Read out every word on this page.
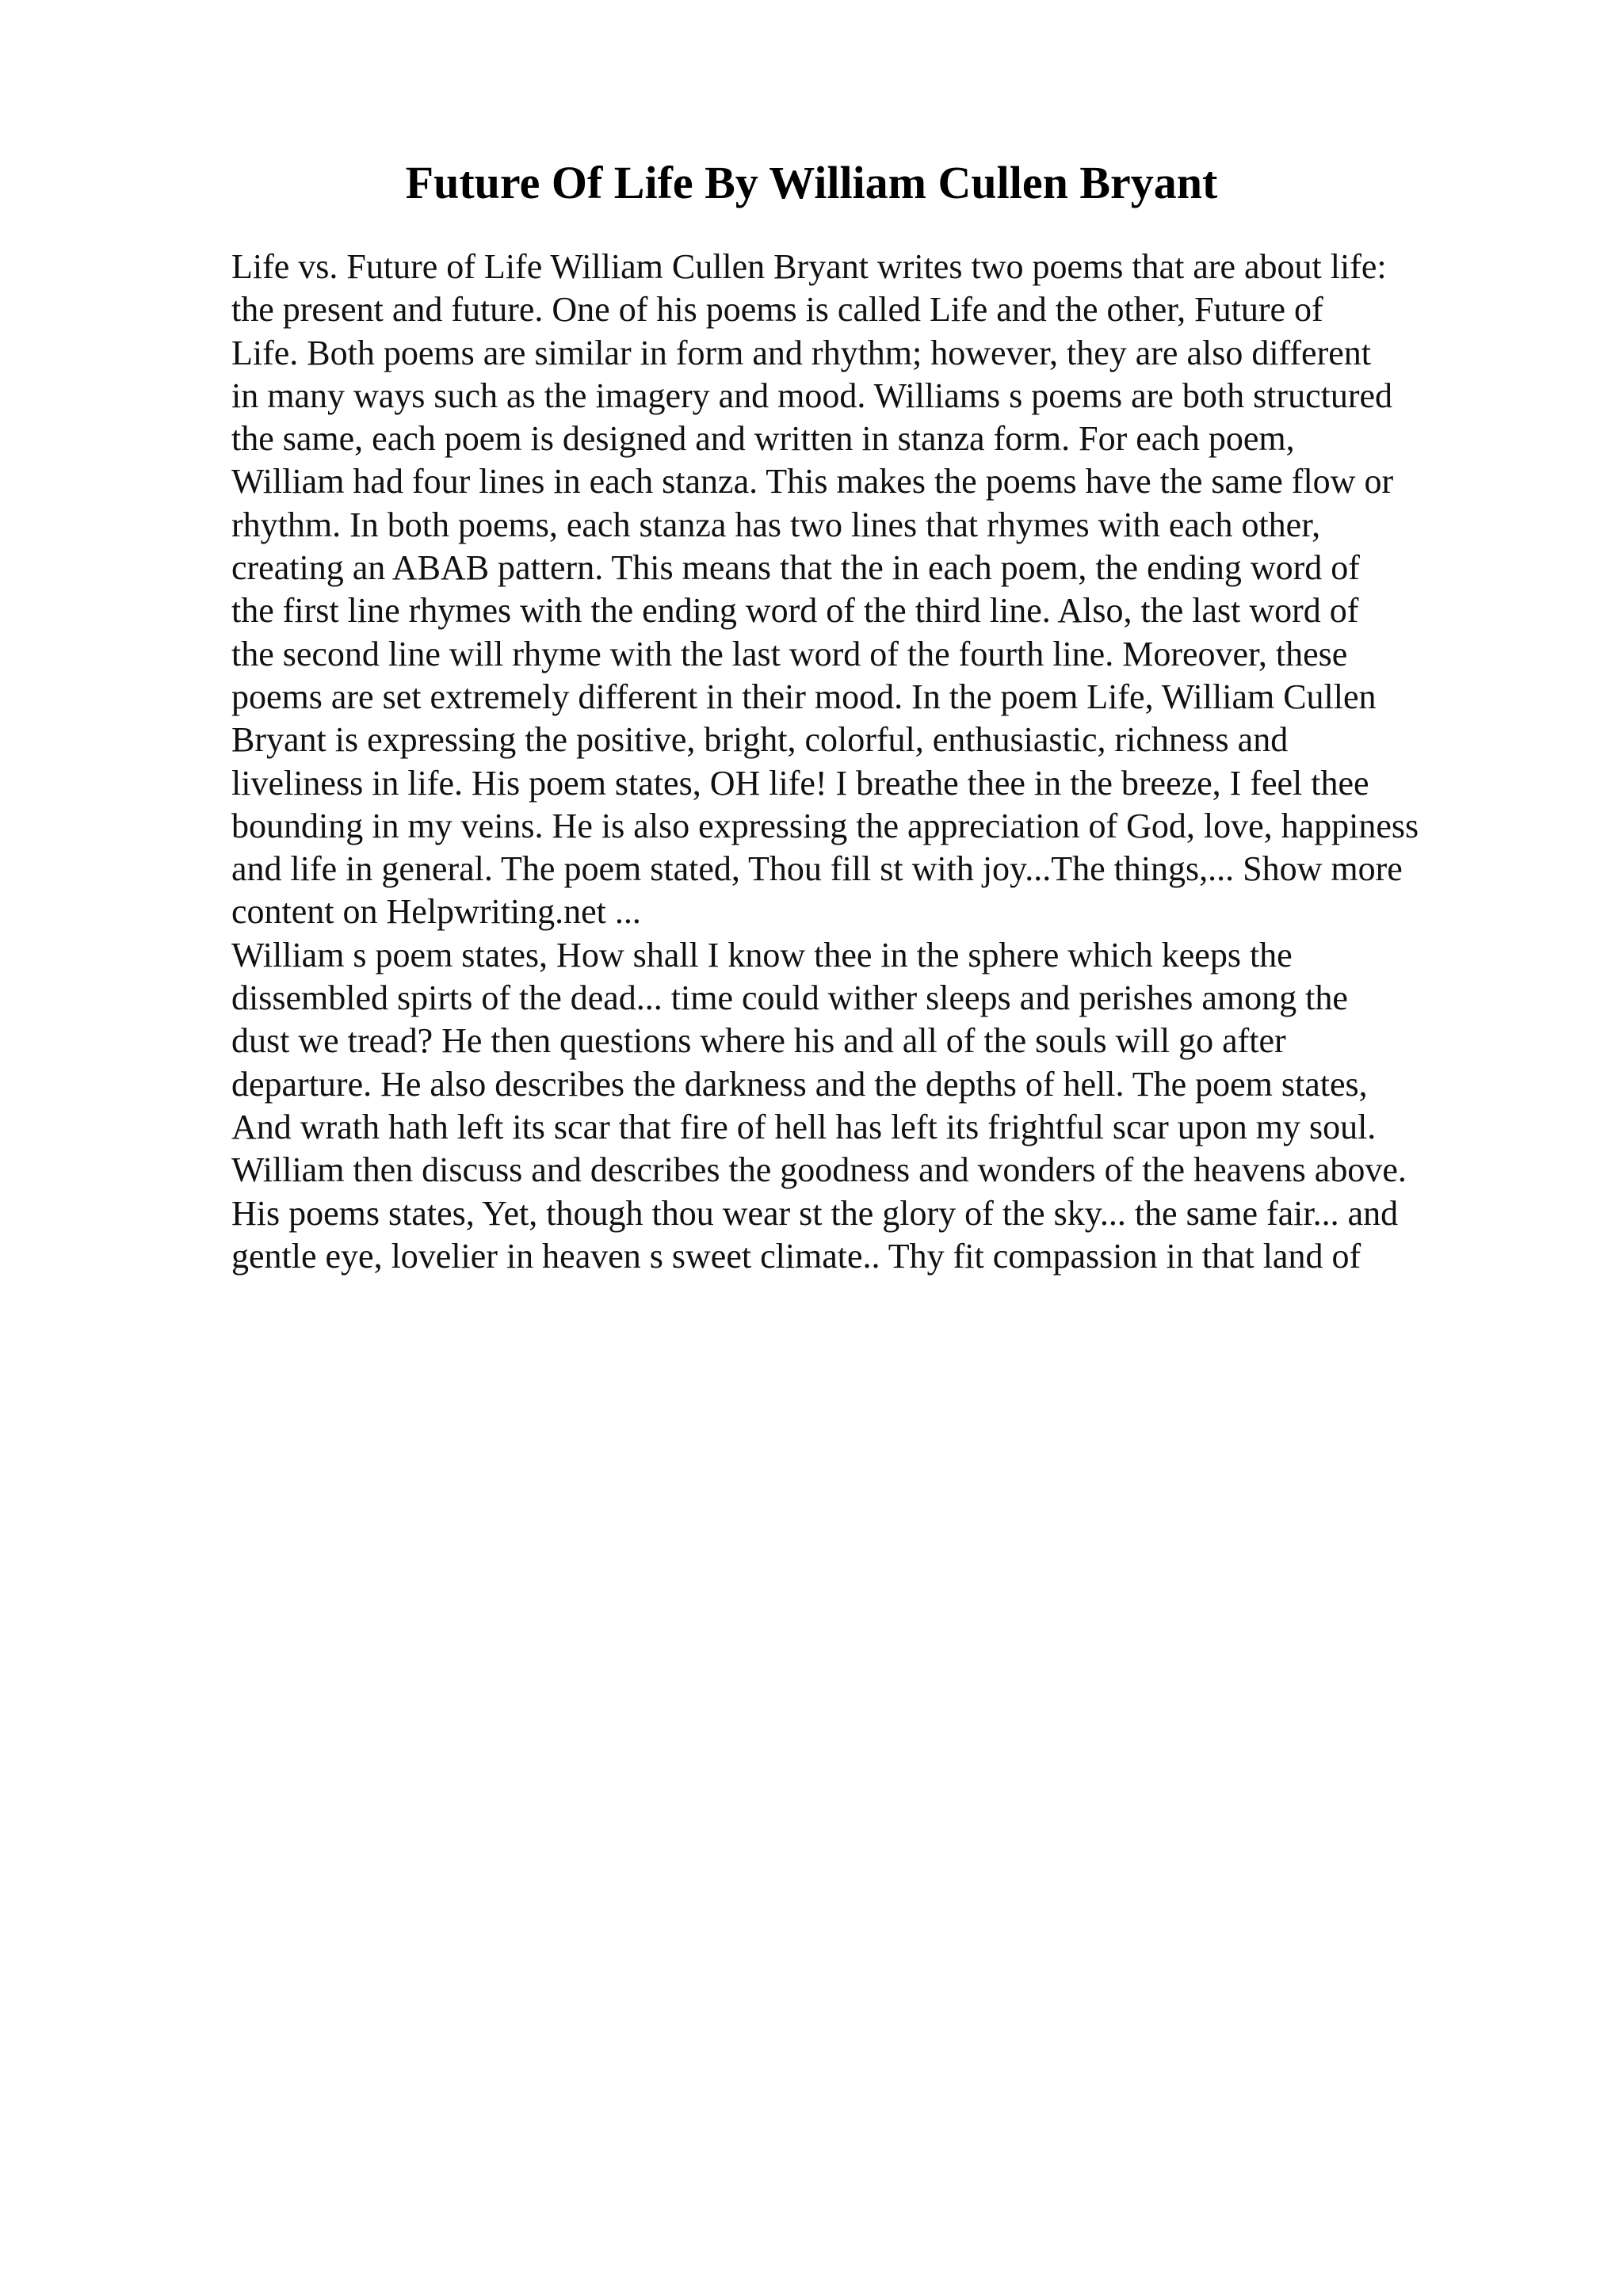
Future Of Life By William Cullen Bryant
Life vs. Future of Life William Cullen Bryant writes two poems that are about life:
the present and future. One of his poems is called Life and the other, Future of
Life. Both poems are similar in form and rhythm; however, they are also different
in many ways such as the imagery and mood. Williams s poems are both structured
the same, each poem is designed and written in stanza form. For each poem,
William had four lines in each stanza. This makes the poems have the same flow or
rhythm. In both poems, each stanza has two lines that rhymes with each other,
creating an ABAB pattern. This means that the in each poem, the ending word of
the first line rhymes with the ending word of the third line. Also, the last word of
the second line will rhyme with the last word of the fourth line. Moreover, these
poems are set extremely different in their mood. In the poem Life, William Cullen
Bryant is expressing the positive, bright, colorful, enthusiastic, richness and
liveliness in life. His poem states, OH life! I breathe thee in the breeze, I feel thee
bounding in my veins. He is also expressing the appreciation of God, love, happiness
and life in general. The poem stated, Thou fill st with joy...The things,... Show more
content on Helpwriting.net ...
William s poem states, How shall I know thee in the sphere which keeps the
dissembled spirts of the dead... time could wither sleeps and perishes among the
dust we tread? He then questions where his and all of the souls will go after
departure. He also describes the darkness and the depths of hell. The poem states,
And wrath hath left its scar that fire of hell has left its frightful scar upon my soul.
William then discuss and describes the goodness and wonders of the heavens above.
His poems states, Yet, though thou wear st the glory of the sky... the same fair... and
gentle eye, lovelier in heaven s sweet climate.. Thy fit compassion in that land of
